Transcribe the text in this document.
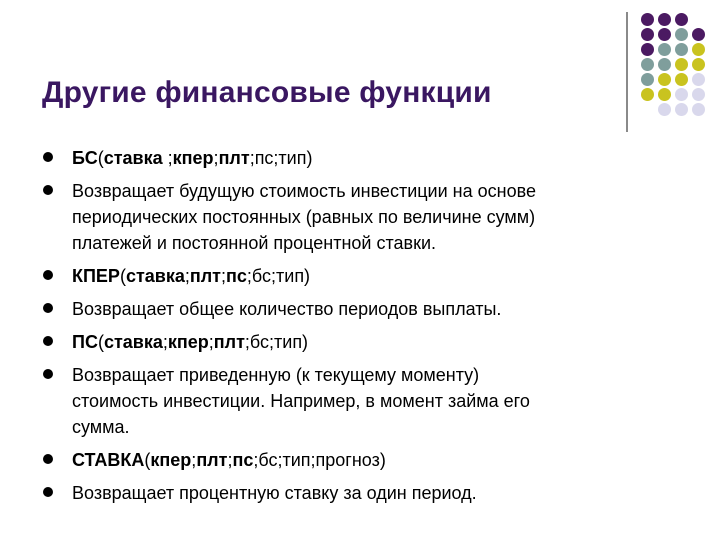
Другие финансовые функции
БС(ставка ;кпер;плт;пс;тип)
Возвращает будущую стоимость инвестиции на основе
периодических постоянных (равных по величине сумм)
платежей и постоянной процентной ставки.
КПЕР(ставка;плт;пс;бс;тип)
Возвращает общее количество периодов выплаты.
ПС(ставка;кпер;плт;бс;тип)
Возвращает приведенную (к текущему моменту)
стоимость инвестиции. Например, в момент займа его
сумма.
СТАВКА(кпер;плт;пс;бс;тип;прогноз)
Возвращает процентную ставку за один период.
